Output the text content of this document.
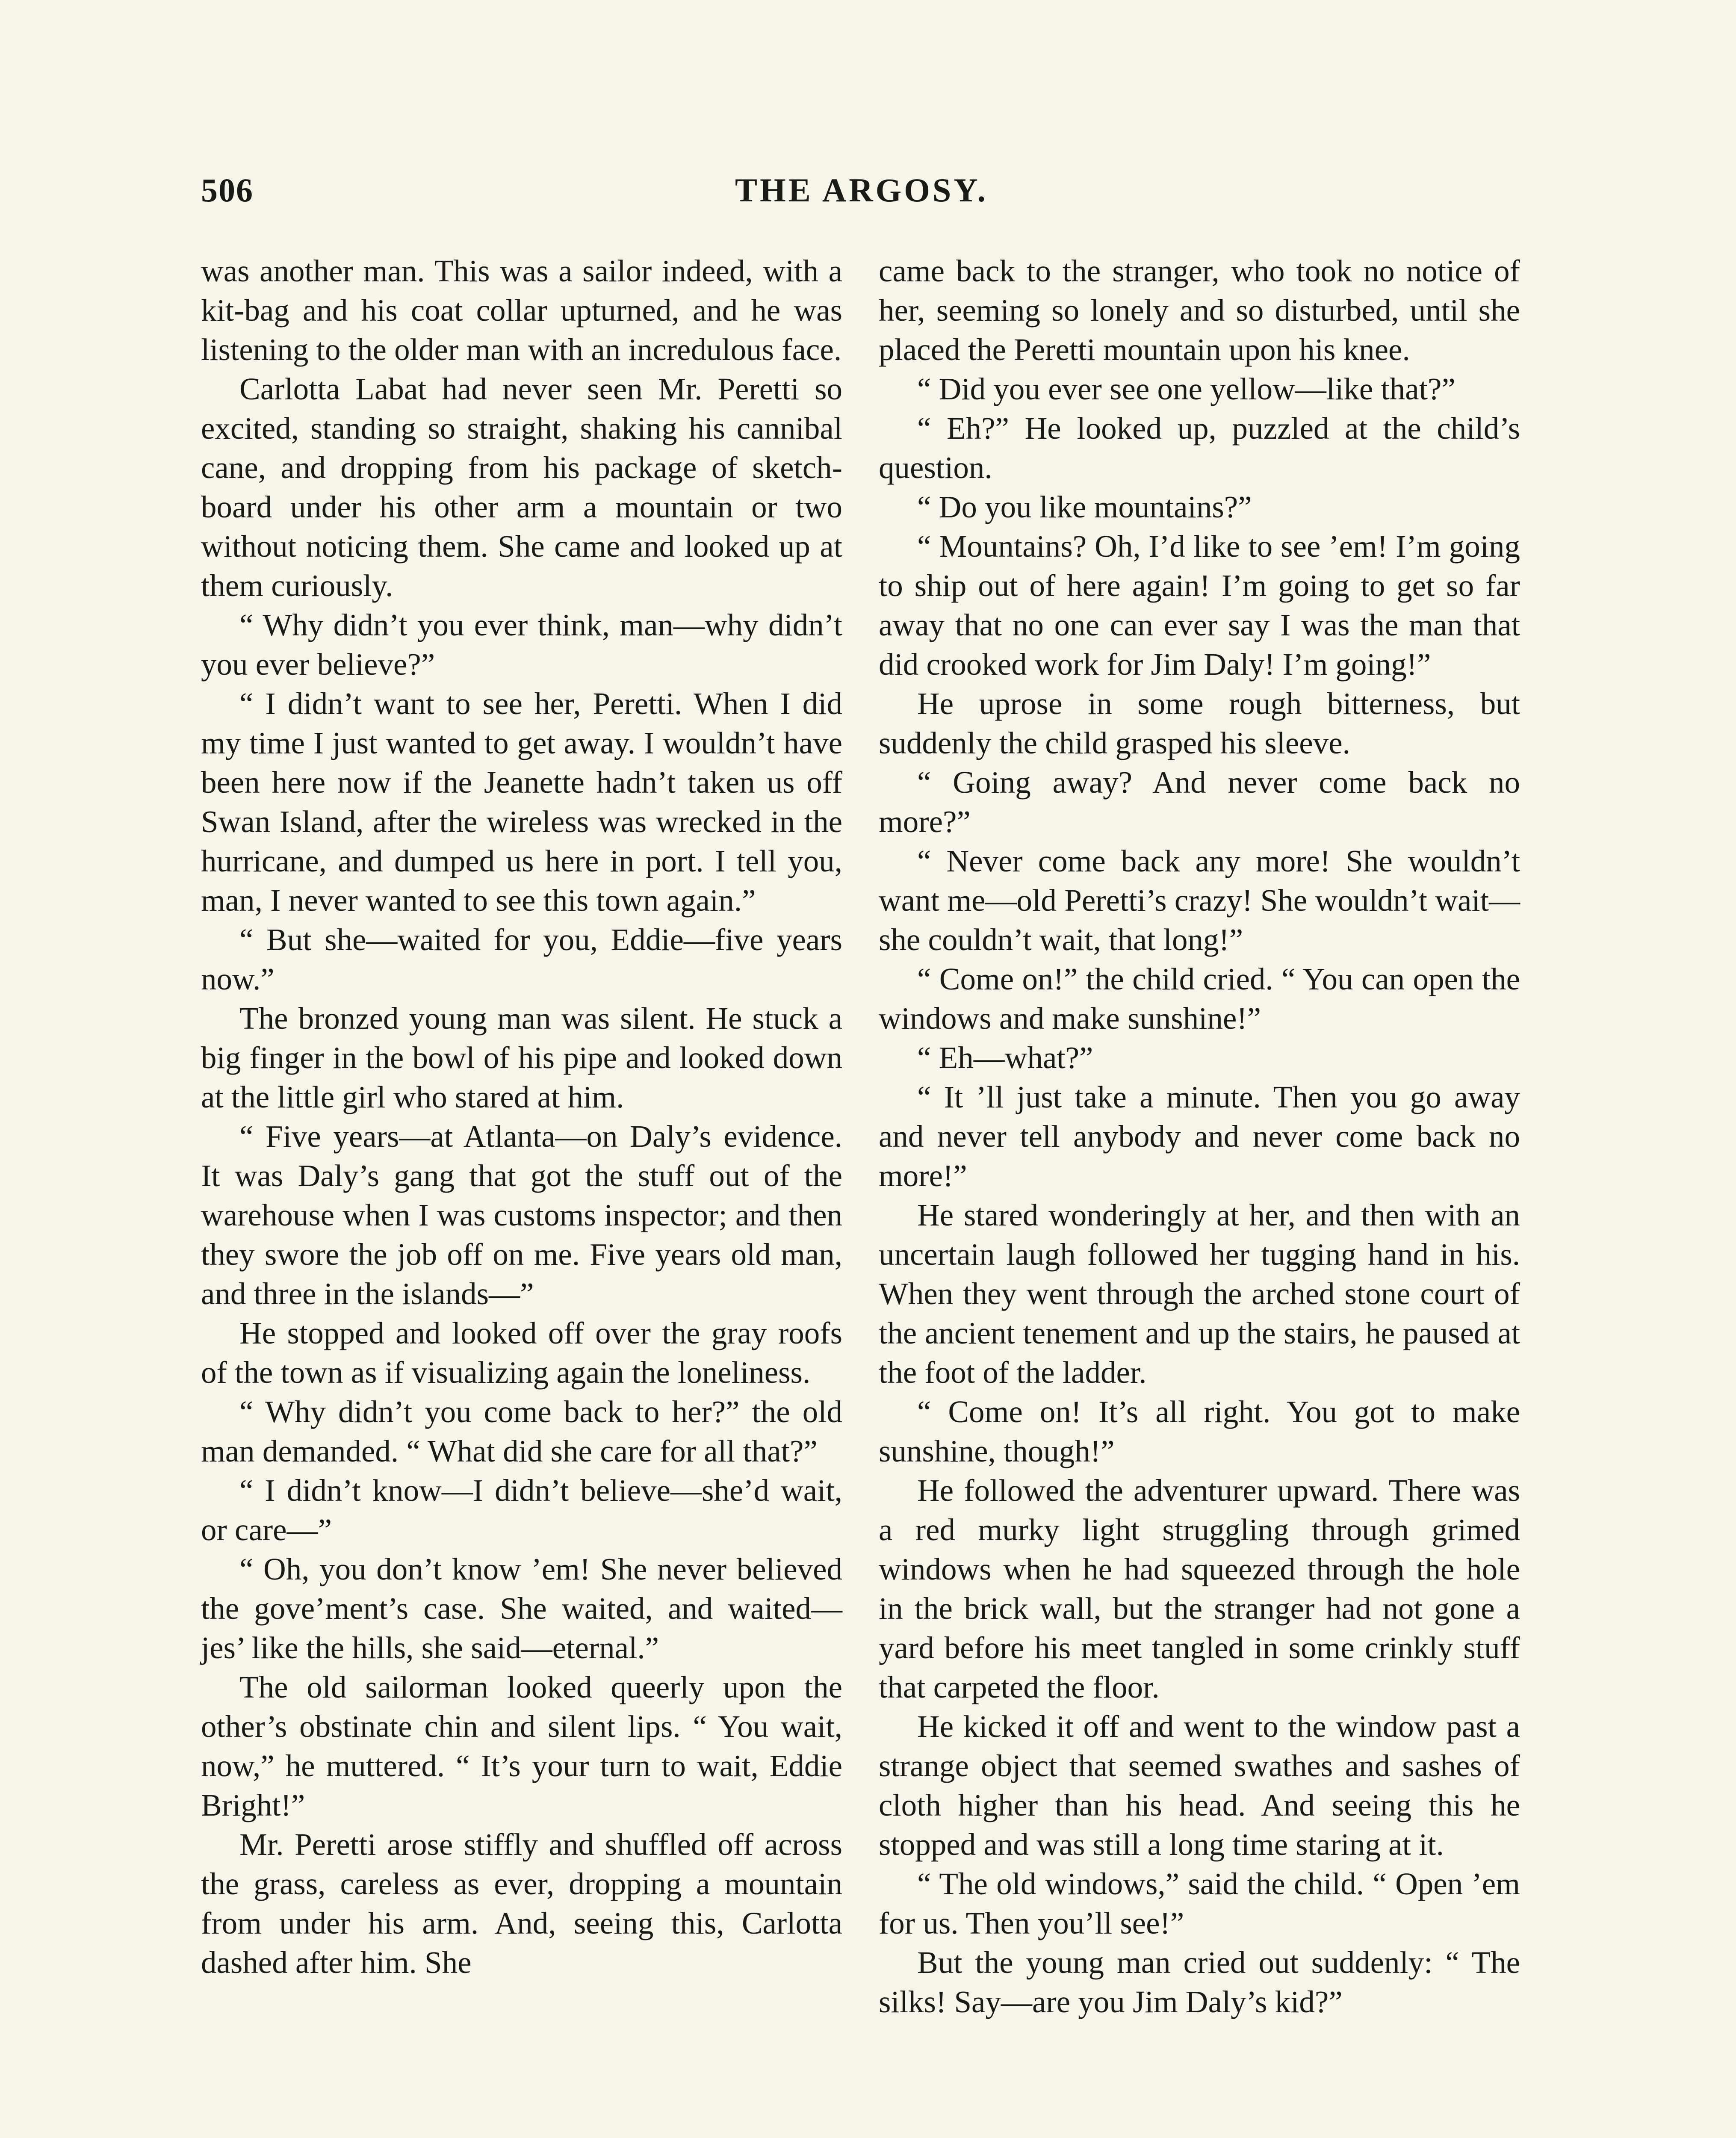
506	THE ARGOSY.

was another man. This was a sailor indeed, with a kit-bag and his coat collar upturned, and he was listening to the older man with an incredulous face.

Carlotta Labat had never seen Mr. Peretti so excited, standing so straight, shaking his cannibal cane, and dropping from his package of sketch-board under his other arm a mountain or two without noticing them. She came and looked up at them curiously.

“ Why didn’t you ever think, man—why didn’t you ever believe?”

“ I didn’t want to see her, Peretti. When I did my time I just wanted to get away. I wouldn’t have been here now if the Jeanette hadn’t taken us off Swan Island, after the wireless was wrecked in the hurricane, and dumped us here in port. I tell you, man, I never wanted to see this town again.”

“ But she—waited for you, Eddie—five years now.”

The bronzed young man was silent. He stuck a big finger in the bowl of his pipe and looked down at the little girl who stared at him.

“ Five years—at Atlanta—on Daly’s evidence. It was Daly’s gang that got the stuff out of the warehouse when I was customs inspector; and then they swore the job off on me. Five years old man, and three in the islands—”

He stopped and looked off over the gray roofs of the town as if visualizing again the loneliness.

“ Why didn’t you come back to her?” the old man demanded. “ What did she care for all that?”

“ I didn’t know—I didn’t believe—she’d wait, or care—”

“ Oh, you don’t know ’em! She never believed the gove’ment’s case. She waited, and waited—jes’ like the hills, she said—eternal.”

The old sailorman looked queerly upon the other’s obstinate chin and silent lips. “ You wait, now,” he muttered. “ It’s your turn to wait, Eddie Bright!”

Mr. Peretti arose stiffly and shuffled off across the grass, careless as ever, dropping a mountain from under his arm. And, seeing this, Carlotta dashed after him. She

came back to the stranger, who took no notice of her, seeming so lonely and so disturbed, until she placed the Peretti mountain upon his knee.

“ Did you ever see one yellow—like that?”

“ Eh?” He looked up, puzzled at the child’s question.

“ Do you like mountains?”

“ Mountains? Oh, I’d like to see ’em! I’m going to ship out of here again! I’m going to get so far away that no one can ever say I was the man that did crooked work for Jim Daly! I’m going!”

He uprose in some rough bitterness, but suddenly the child grasped his sleeve.

“ Going away? And never come back no more?”

“ Never come back any more! She wouldn’t want me—old Peretti’s crazy! She wouldn’t wait—she couldn’t wait, that long!”

“ Come on!” the child cried. “ You can open the windows and make sunshine!”

“ Eh—what?”

“ It ’ll just take a minute. Then you go away and never tell anybody and never come back no more!”

He stared wonderingly at her, and then with an uncertain laugh followed her tugging hand in his. When they went through the arched stone court of the ancient tenement and up the stairs, he paused at the foot of the ladder.

“ Come on! It’s all right. You got to make sunshine, though!”

He followed the adventurer upward. There was a red murky light struggling through grimed windows when he had squeezed through the hole in the brick wall, but the stranger had not gone a yard before his meet tangled in some crinkly stuff that carpeted the floor.

He kicked it off and went to the window past a strange object that seemed swathes and sashes of cloth higher than his head. And seeing this he stopped and was still a long time staring at it.

“ The old windows,” said the child. “ Open ’em for us. Then you’ll see!”

But the young man cried out suddenly: “ The silks! Say—are you Jim Daly’s kid?”
